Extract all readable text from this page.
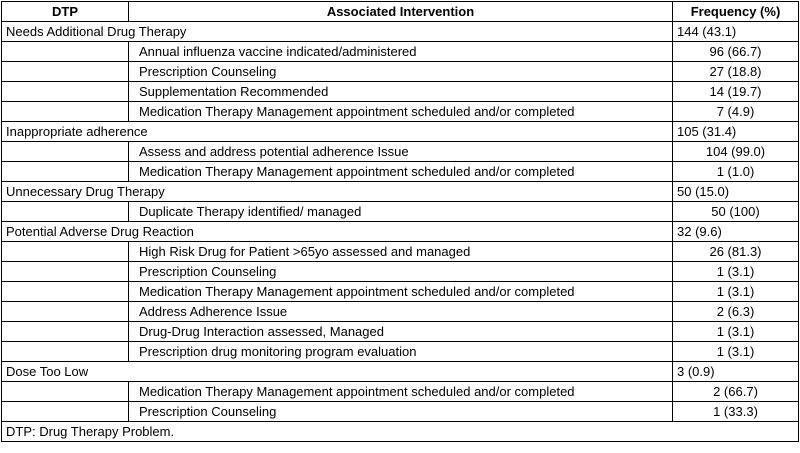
DTP	Associated Intervention	Frequency (%)
Needs Additional Drug Therapy		144 (43.1)
	Annual influenza vaccine indicated/administered	96 (66.7)
	Prescription Counseling	27 (18.8)
	Supplementation Recommended	14 (19.7)
	Medication Therapy Management appointment scheduled and/or completed	7 (4.9)
Inappropriate adherence		105 (31.4)
	Assess and address potential adherence Issue	104 (99.0)
	Medication Therapy Management appointment scheduled and/or completed	1 (1.0)
Unnecessary Drug Therapy		50 (15.0)
	Duplicate Therapy identified/ managed	50 (100)
Potential Adverse Drug Reaction		32 (9.6)
	High Risk Drug for Patient >65yo assessed and managed	26 (81.3)
	Prescription Counseling	1 (3.1)
	Medication Therapy Management appointment scheduled and/or completed	1 (3.1)
	Address Adherence Issue	2 (6.3)
	Drug-Drug Interaction assessed, Managed	1 (3.1)
	Prescription drug monitoring program evaluation	1 (3.1)
Dose Too Low		3 (0.9)
	Medication Therapy Management appointment scheduled and/or completed	2 (66.7)
	Prescription Counseling	1 (33.3)
DTP: Drug Therapy Problem.		
